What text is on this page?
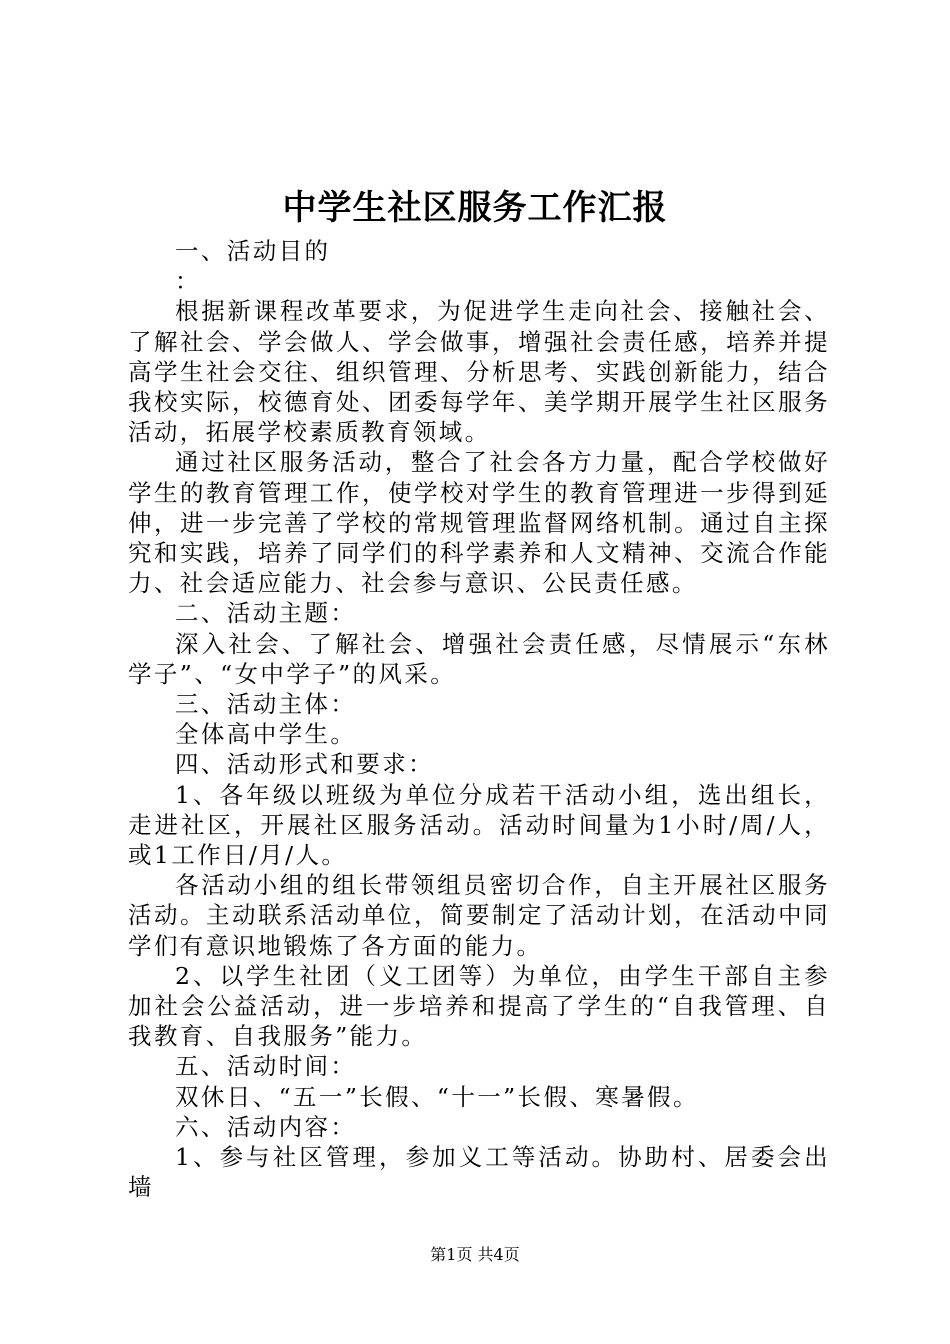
中学生社区服务工作汇报

一、活动目的

：

根据新课程改革要求，为促进学生走向社会、接触社会、了解社会、学会做人、学会做事，增强社会责任感，培养并提高学生社会交往、组织管理、分析思考、实践创新能力，结合我校实际，校德育处、团委每学年、美学期开展学生社区服务活动，拓展学校素质教育领域。

通过社区服务活动，整合了社会各方力量，配合学校做好学生的教育管理工作，使学校对学生的教育管理进一步得到延伸，进一步完善了学校的常规管理监督网络机制。通过自主探究和实践，培养了同学们的科学素养和人文精神、交流合作能力、社会适应能力、社会参与意识、公民责任感。

二、活动主题：

深入社会、了解社会、增强社会责任感，尽情展示“东林学子”、“女中学子”的风采。

三、活动主体：

全体高中学生。

四、活动形式和要求：

1、各年级以班级为单位分成若干活动小组，选出组长，走进社区，开展社区服务活动。活动时间量为1小时/周/人，或1工作日/月/人。

各活动小组的组长带领组员密切合作，自主开展社区服务活动。主动联系活动单位，简要制定了活动计划，在活动中同学们有意识地锻炼了各方面的能力。

2、以学生社团（义工团等）为单位，由学生干部自主参加社会公益活动，进一步培养和提高了学生的“自我管理、自我教育、自我服务”能力。

五、活动时间：

双休日、“五一”长假、“十一”长假、寒暑假。

六、活动内容：

1、参与社区管理，参加义工等活动。协助村、居委会出墙

第1页 共4页
